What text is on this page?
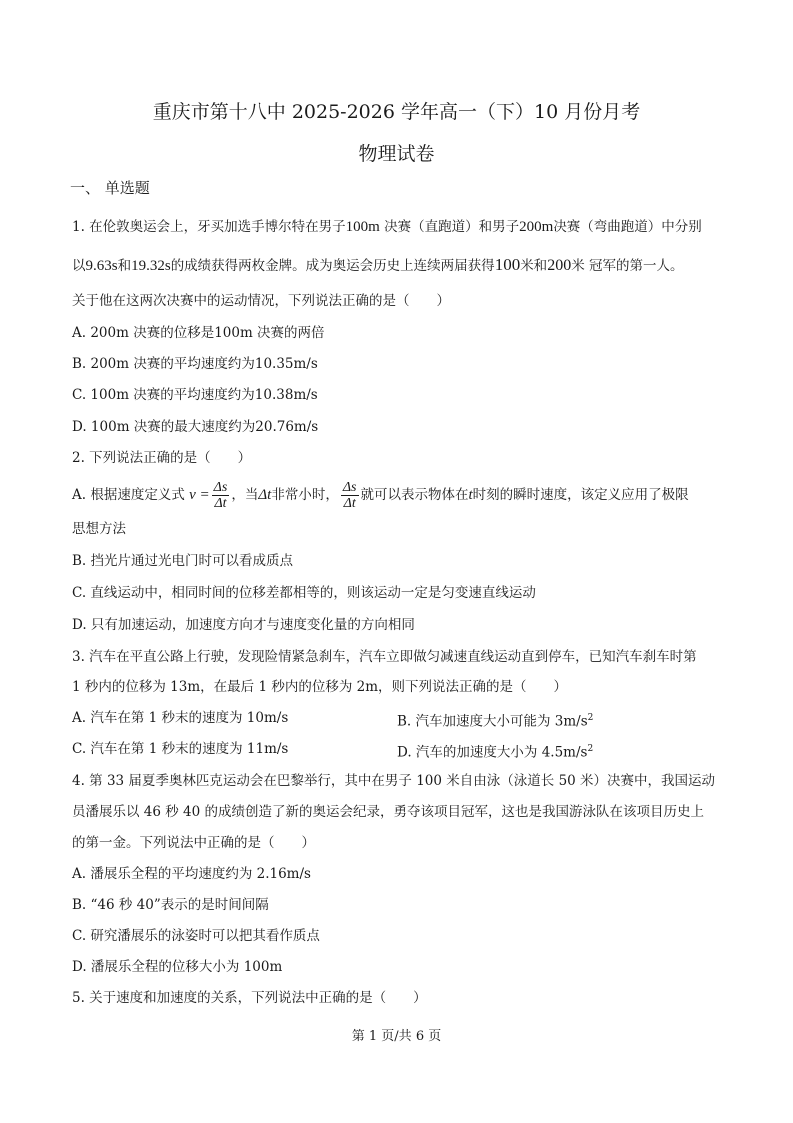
重庆市第十八中 2025-2026 学年高一（下）10 月份月考
物理试卷
一、 单选题
1. 在伦敦奥运会上，牙买加选手博尔特在男子100m 决赛（直跑道）和男子200m决赛（弯曲跑道）中分别
以9.63s和19.32s的成绩获得两枚金牌。成为奥运会历史上连续两届获得100米和200米 冠军的第一人。
关于他在这两次决赛中的运动情况，下列说法正确的是（　　）
A. 200m 决赛的位移是100m 决赛的两倍
B. 200m 决赛的平均速度约为10.35m/s
C. 100m 决赛的平均速度约为10.38m/s
D. 100m 决赛的最大速度约为20.76m/s
2. 下列说法正确的是（　　）
A. 根据速度定义式 $v = \frac{\Delta s}{\Delta t}$ ，当Δt非常小时， $\frac{\Delta s}{\Delta t}$ 就可以表示物体在t时刻的瞬时速度，该定义应用了极限
思想方法
B. 挡光片通过光电门时可以看成质点
C. 直线运动中，相同时间的位移差都相等的，则该运动一定是匀变速直线运动
D. 只有加速运动，加速度方向才与速度变化量的方向相同
3. 汽车在平直公路上行驶，发现险情紧急刹车，汽车立即做匀减速直线运动直到停车，已知汽车刹车时第
1 秒内的位移为 13m，在最后 1 秒内的位移为 2m，则下列说法正确的是（　　）
A. 汽车在第 1 秒末的速度为 10m/s	B. 汽车加速度大小可能为 $3m/s^2$
C. 汽车在第 1 秒末的速度为 11m/s	D. 汽车的加速度大小为 $4.5m/s^2$
4. 第 33 届夏季奥林匹克运动会在巴黎举行，其中在男子 100 米自由泳（泳道长 50 米）决赛中，我国运动
员潘展乐以 46 秒 40 的成绩创造了新的奥运会纪录，勇夺该项目冠军，这也是我国游泳队在该项目历史上
的第一金。下列说法中正确的是（　　）
A. 潘展乐全程的平均速度约为 2.16m/s
B. “46 秒 40”表示的是时间间隔
C. 研究潘展乐的泳姿时可以把其看作质点
D. 潘展乐全程的位移大小为 100m
5. 关于速度和加速度的关系，下列说法中正确的是（　　）
第 1 页/共 6 页
